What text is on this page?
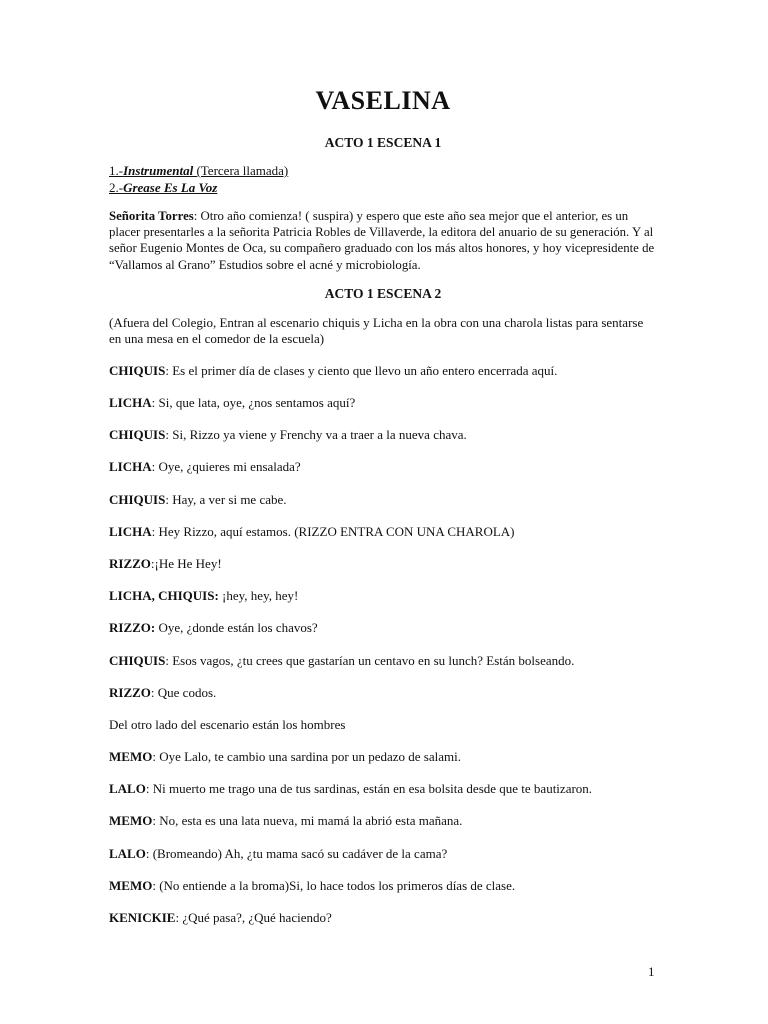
VASELINA

ACTO 1 ESCENA 1

1.-Instrumental (Tercera llamada)

2.-Grease Es La Voz

Señorita Torres: Otro año comienza! ( suspira) y espero que este año sea mejor que el anterior, es un placer presentarles a la señorita Patricia Robles de Villaverde, la editora del anuario de su generación. Y al señor Eugenio Montes de Oca, su compañero graduado con los más altos honores, y hoy vicepresidente de “Vallamos al Grano” Estudios sobre el acné y microbiología.

ACTO 1 ESCENA 2

(Afuera del Colegio, Entran al escenario chiquis y Licha en la obra con una charola listas para sentarse en una mesa en el comedor de la escuela)

CHIQUIS: Es el primer día de clases y ciento que llevo un año entero encerrada aquí.

LICHA: Si, que lata, oye, ¿nos sentamos aquí?

CHIQUIS: Si, Rizzo ya viene y Frenchy va a traer a la nueva chava.

LICHA: Oye, ¿quieres mi ensalada?

CHIQUIS: Hay, a ver si me cabe.

LICHA: Hey Rizzo, aquí estamos. (RIZZO ENTRA CON UNA CHAROLA)

RIZZO:¡He He Hey!

LICHA, CHIQUIS: ¡hey, hey, hey!

RIZZO: Oye, ¿donde están los chavos?

CHIQUIS: Esos vagos, ¿tu crees que gastarían un centavo en su lunch? Están bolseando.

RIZZO: Que codos.

Del otro lado del escenario están los hombres

MEMO: Oye Lalo, te cambio una sardina por un pedazo de salami.

LALO: Ni muerto me trago una de tus sardinas, están en esa bolsita desde que te bautizaron.

MEMO: No, esta es una lata nueva, mi mamá la abrió esta mañana.

LALO: (Bromeando) Ah, ¿tu mama sacó su cadáver de la cama?

MEMO: (No entiende a la broma)Si, lo hace todos los primeros días de clase.

KENICKIE: ¿Qué pasa?, ¿Qué haciendo?

1
